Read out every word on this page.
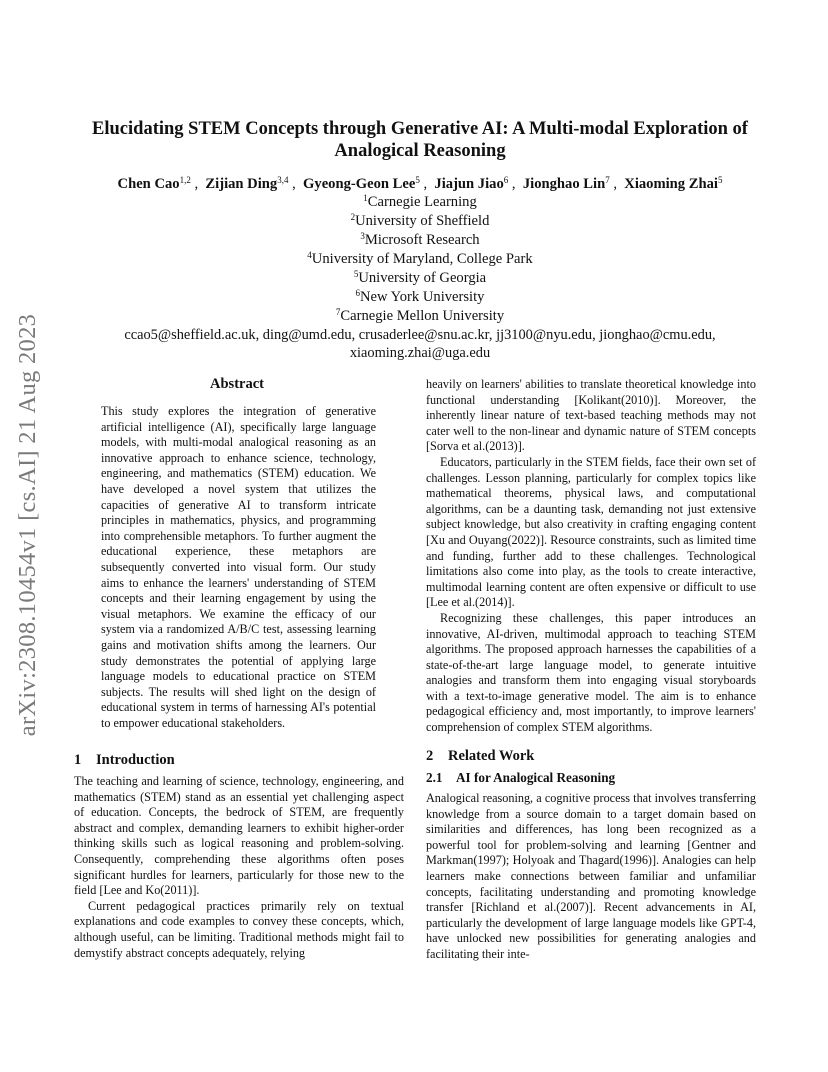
arXiv:2308.10454v1 [cs.AI] 21 Aug 2023
Elucidating STEM Concepts through Generative AI: A Multi-modal Exploration of Analogical Reasoning
Chen Cao$^{1,2}$ ,  Zijian Ding$^{3,4}$ ,  Gyeong-Geon Lee$^5$ ,  Jiajun Jiao$^6$ ,  Jionghao Lin$^7$ ,  Xiaoming Zhai$^5$
$^1$Carnegie Learning
$^2$University of Sheffield
$^3$Microsoft Research
$^4$University of Maryland, College Park
$^5$University of Georgia
$^6$New York University
$^7$Carnegie Mellon University
ccao5@sheffield.ac.uk, ding@umd.edu, crusaderlee@snu.ac.kr, jj3100@nyu.edu, jionghao@cmu.edu,
xiaoming.zhai@uga.edu
Abstract

This study explores the integration of generative artificial intelligence (AI), specifically large language models, with multi-modal analogical reasoning as an innovative approach to enhance science, technology, engineering, and mathematics (STEM) education. We have developed a novel system that utilizes the capacities of generative AI to transform intricate principles in mathematics, physics, and programming into comprehensible metaphors. To further augment the educational experience, these metaphors are subsequently converted into visual form. Our study aims to enhance the learners' understanding of STEM concepts and their learning engagement by using the visual metaphors. We examine the efficacy of our system via a randomized A/B/C test, assessing learning gains and motivation shifts among the learners. Our study demonstrates the potential of applying large language models to educational practice on STEM subjects. The results will shed light on the design of educational system in terms of harnessing AI's potential to empower educational stakeholders.

1 Introduction

The teaching and learning of science, technology, engineering, and mathematics (STEM) stand as an essential yet challenging aspect of education. Concepts, the bedrock of STEM, are frequently abstract and complex, demanding learners to exhibit higher-order thinking skills such as logical reasoning and problem-solving. Consequently, comprehending these algorithms often poses significant hurdles for learners, particularly for those new to the field [Lee and Ko(2011)].

Current pedagogical practices primarily rely on textual explanations and code examples to convey these concepts, which, although useful, can be limiting. Traditional methods might fail to demystify abstract concepts adequately, relying

heavily on learners' abilities to translate theoretical knowledge into functional understanding [Kolikant(2010)]. Moreover, the inherently linear nature of text-based teaching methods may not cater well to the non-linear and dynamic nature of STEM concepts [Sorva et al.(2013)].

Educators, particularly in the STEM fields, face their own set of challenges. Lesson planning, particularly for complex topics like mathematical theorems, physical laws, and computational algorithms, can be a daunting task, demanding not just extensive subject knowledge, but also creativity in crafting engaging content [Xu and Ouyang(2022)]. Resource constraints, such as limited time and funding, further add to these challenges. Technological limitations also come into play, as the tools to create interactive, multimodal learning content are often expensive or difficult to use [Lee et al.(2014)].

Recognizing these challenges, this paper introduces an innovative, AI-driven, multimodal approach to teaching STEM algorithms. The proposed approach harnesses the capabilities of a state-of-the-art large language model, to generate intuitive analogies and transform them into engaging visual storyboards with a text-to-image generative model. The aim is to enhance pedagogical efficiency and, most importantly, to improve learners' comprehension of complex STEM algorithms.

2 Related Work
2.1 AI for Analogical Reasoning

Analogical reasoning, a cognitive process that involves transferring knowledge from a source domain to a target domain based on similarities and differences, has long been recognized as a powerful tool for problem-solving and learning [Gentner and Markman(1997); Holyoak and Thagard(1996)]. Analogies can help learners make connections between familiar and unfamiliar concepts, facilitating understanding and promoting knowledge transfer [Richland et al.(2007)]. Recent advancements in AI, particularly the development of large language models like GPT-4, have unlocked new possibilities for generating analogies and facilitating their inte-
